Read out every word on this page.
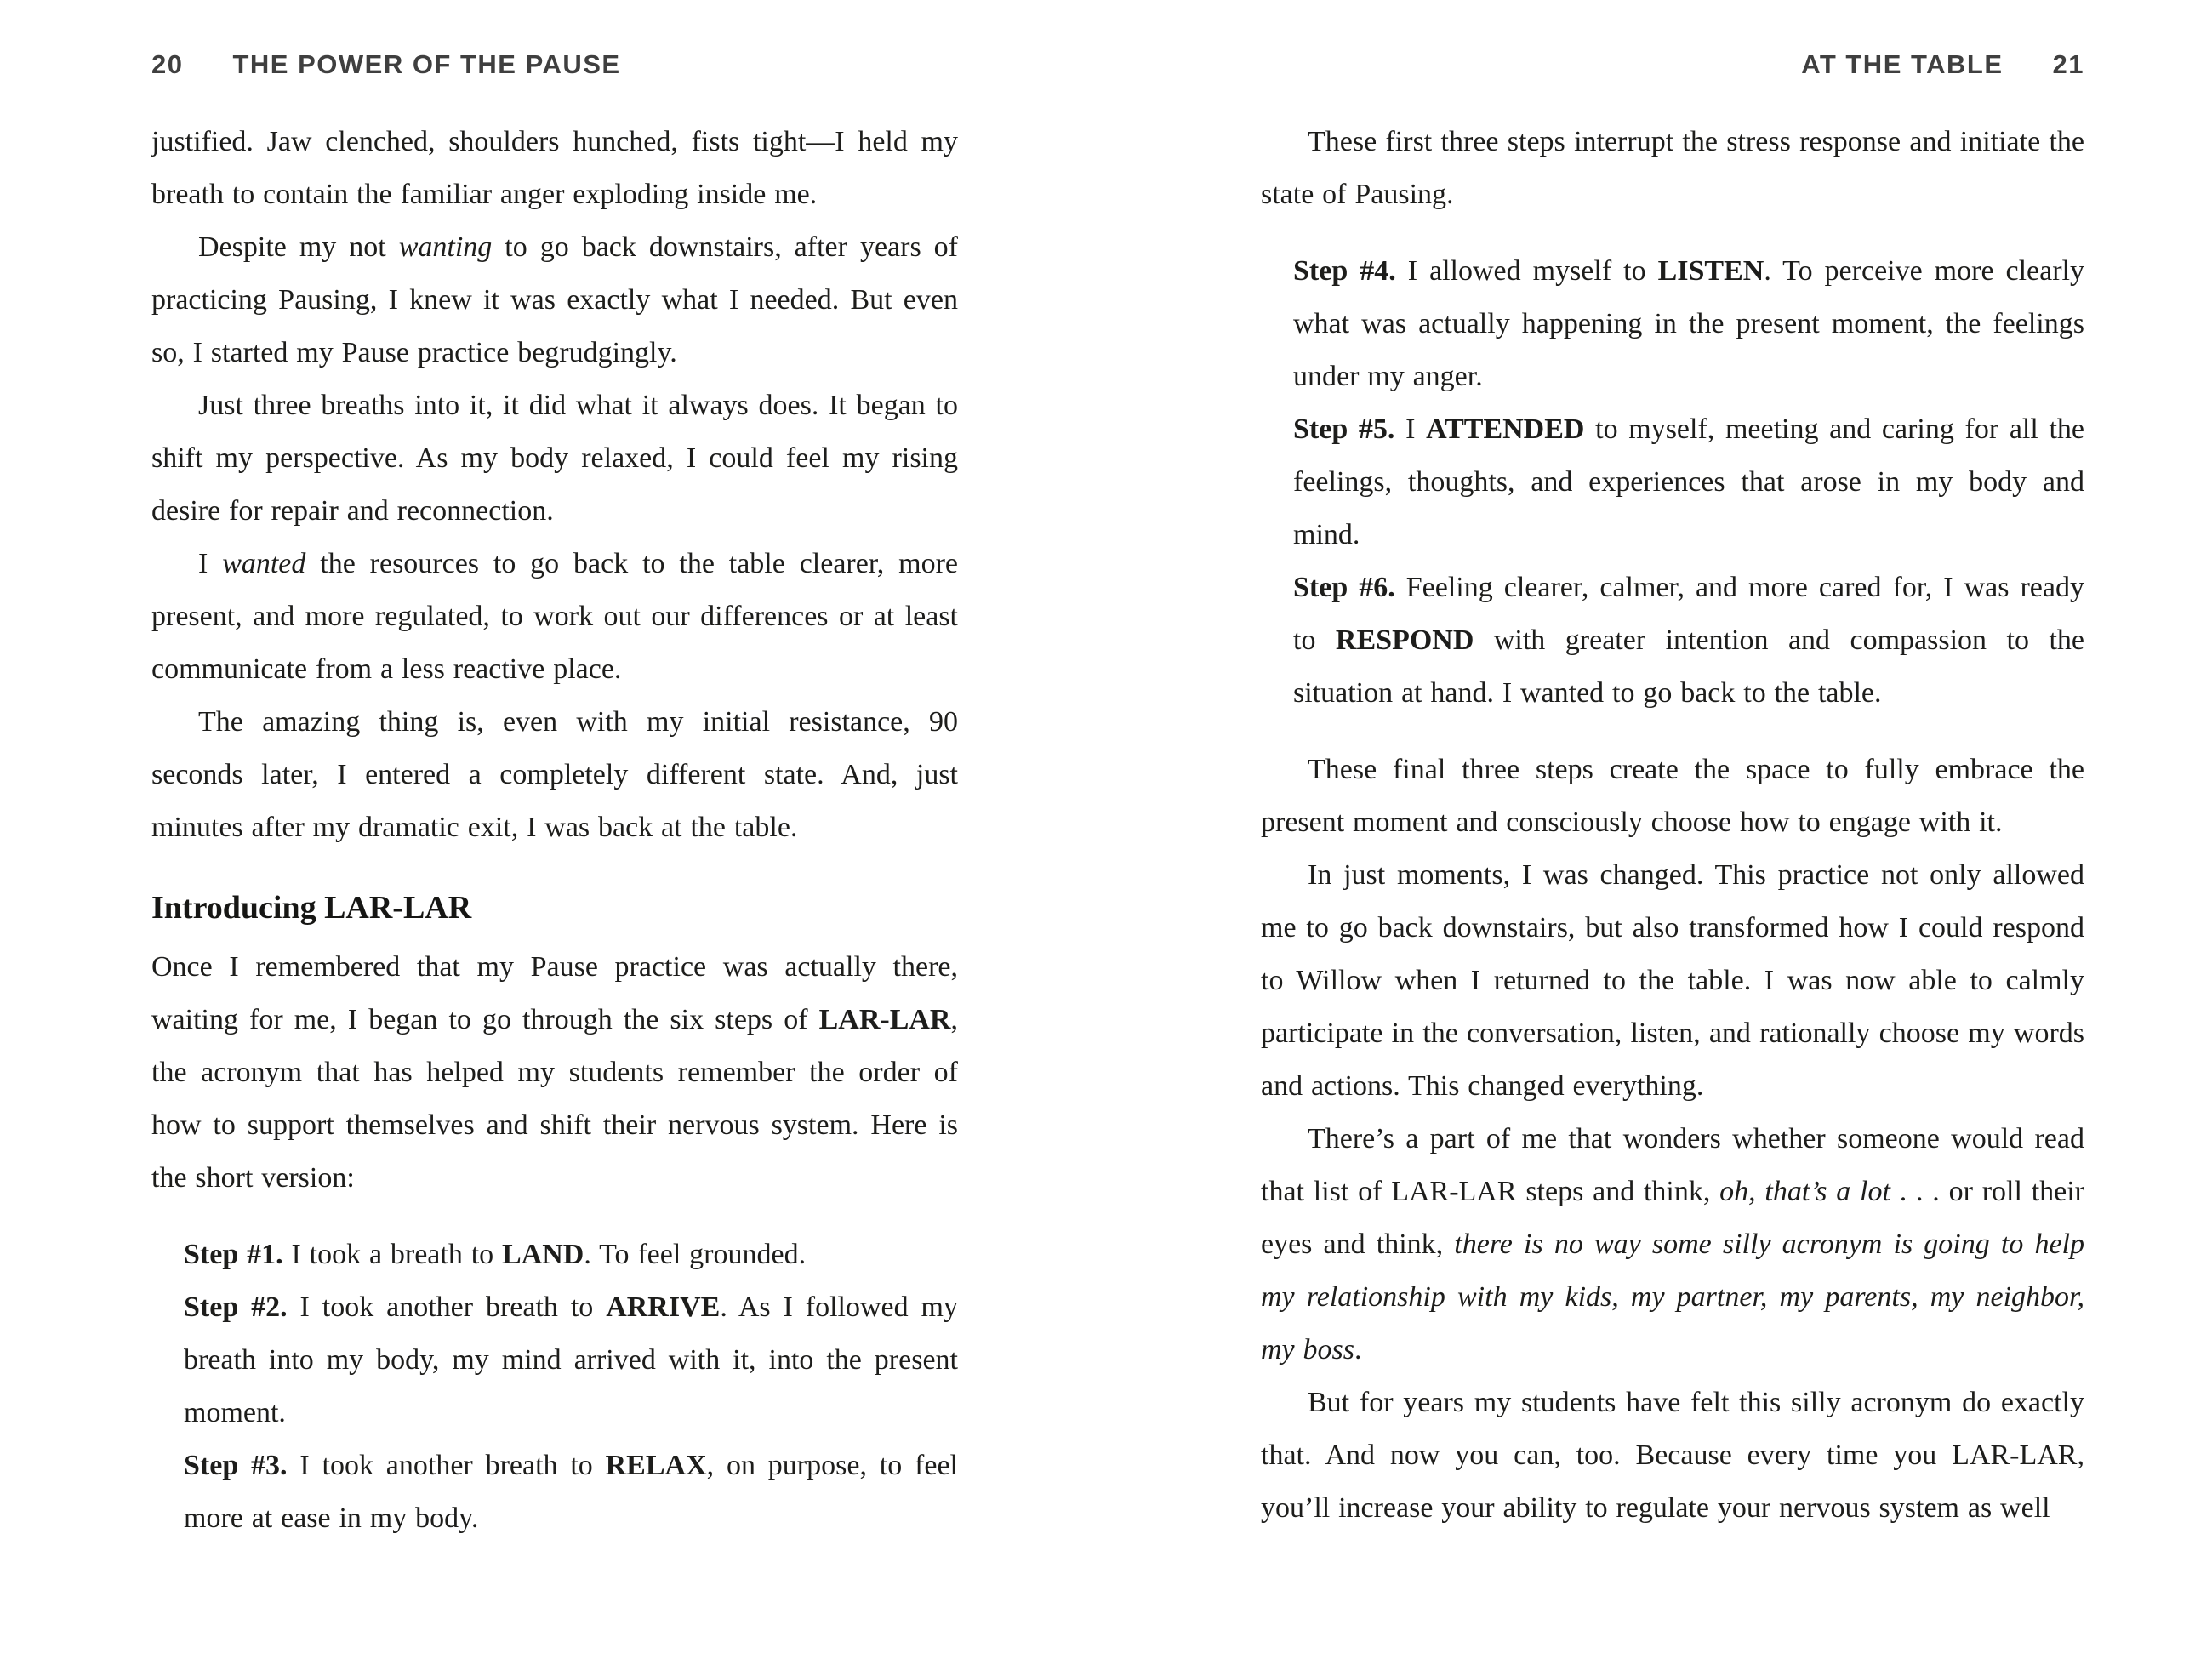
20 THE POWER OF THE PAUSE	AT THE TABLE 21
justified. Jaw clenched, shoulders hunched, fists tight—I held my breath to contain the familiar anger exploding inside me.
Despite my not wanting to go back downstairs, after years of practicing Pausing, I knew it was exactly what I needed. But even so, I started my Pause practice begrudgingly.
Just three breaths into it, it did what it always does. It began to shift my perspective. As my body relaxed, I could feel my rising desire for repair and reconnection.
I wanted the resources to go back to the table clearer, more present, and more regulated, to work out our differences or at least communicate from a less reactive place.
The amazing thing is, even with my initial resistance, 90 seconds later, I entered a completely different state. And, just minutes after my dramatic exit, I was back at the table.
Introducing LAR-LAR
Once I remembered that my Pause practice was actually there, waiting for me, I began to go through the six steps of LAR-LAR, the acronym that has helped my students remember the order of how to support themselves and shift their nervous system. Here is the short version:
Step #1. I took a breath to LAND. To feel grounded.
Step #2. I took another breath to ARRIVE. As I followed my breath into my body, my mind arrived with it, into the present moment.
Step #3. I took another breath to RELAX, on purpose, to feel more at ease in my body.
These first three steps interrupt the stress response and initiate the state of Pausing.
Step #4. I allowed myself to LISTEN. To perceive more clearly what was actually happening in the present moment, the feelings under my anger.
Step #5. I ATTENDED to myself, meeting and caring for all the feelings, thoughts, and experiences that arose in my body and mind.
Step #6. Feeling clearer, calmer, and more cared for, I was ready to RESPOND with greater intention and compassion to the situation at hand. I wanted to go back to the table.
These final three steps create the space to fully embrace the present moment and consciously choose how to engage with it.
In just moments, I was changed. This practice not only allowed me to go back downstairs, but also transformed how I could respond to Willow when I returned to the table. I was now able to calmly participate in the conversation, listen, and rationally choose my words and actions. This changed everything.
There’s a part of me that wonders whether someone would read that list of LAR-LAR steps and think, oh, that’s a lot . . . or roll their eyes and think, there is no way some silly acronym is going to help my relationship with my kids, my partner, my parents, my neighbor, my boss.
But for years my students have felt this silly acronym do exactly that. And now you can, too. Because every time you LAR-LAR, you’ll increase your ability to regulate your nervous system as well
